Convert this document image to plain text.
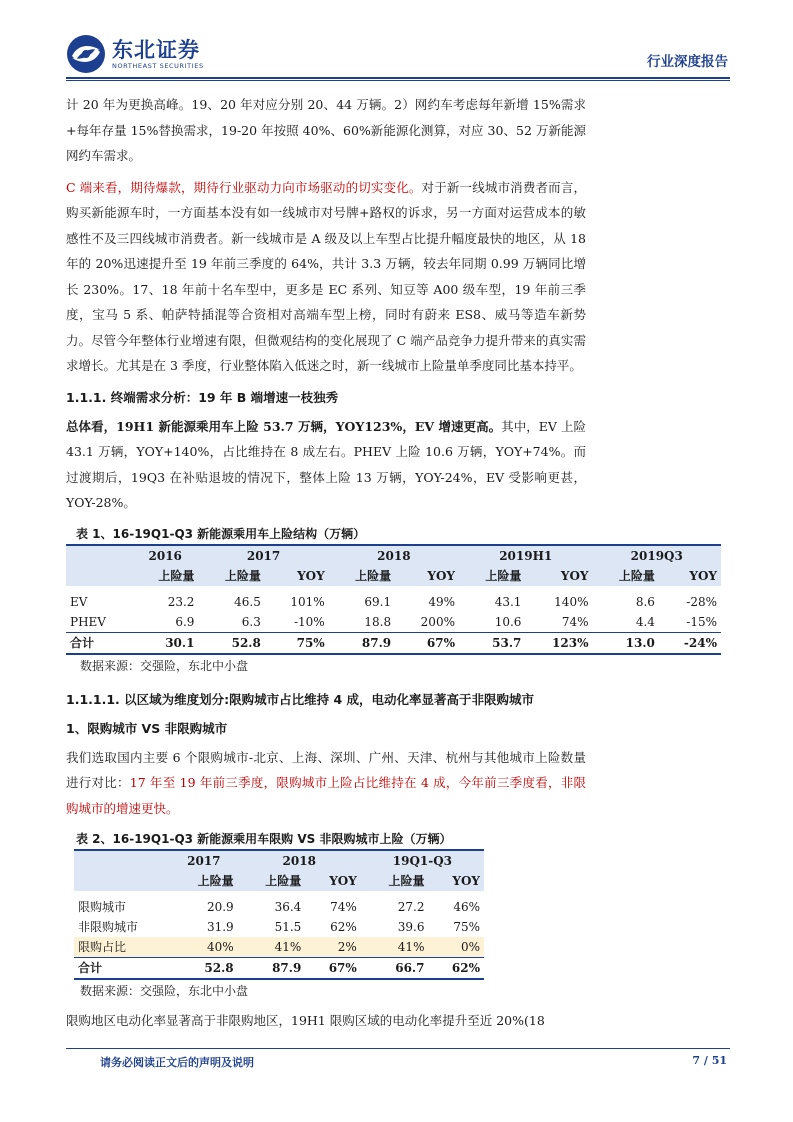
东北证券
NORTHEAST SECURITIES	行业深度报告

计 20 年为更换高峰。19、20 年对应分别 20、44 万辆。2）网约车考虑每年新增 15%需求+每年存量 15%替换需求，19-20 年按照 40%、60%新能源化测算，对应 30、52 万新能源网约车需求。

C 端来看，期待爆款，期待行业驱动力向市场驱动的切实变化。对于新一线城市消费者而言，购买新能源车时，一方面基本没有如一线城市对号牌+路权的诉求，另一方面对运营成本的敏感性不及三四线城市消费者。新一线城市是 A 级及以上车型占比提升幅度最快的地区，从 18 年的 20%迅速提升至 19 年前三季度的 64%，共计 3.3 万辆，较去年同期 0.99 万辆同比增长 230%。17、18 年前十名车型中，更多是 EC 系列、知豆等 A00 级车型，19 年前三季度，宝马 5 系、帕萨特插混等合资相对高端车型上榜，同时有蔚来 ES8、威马等造车新势力。尽管今年整体行业增速有限，但微观结构的变化展现了 C 端产品竞争力提升带来的真实需求增长。尤其是在 3 季度，行业整体陷入低迷之时，新一线城市上险量单季度同比基本持平。

1.1.1. 终端需求分析：19 年 B 端增速一枝独秀

总体看，19H1 新能源乘用车上险 53.7 万辆，YOY123%，EV 增速更高。其中，EV 上险 43.1 万辆，YOY+140%，占比维持在 8 成左右。PHEV 上险 10.6 万辆，YOY+74%。而过渡期后，19Q3 在补贴退坡的情况下，整体上险 13 万辆，YOY-24%，EV 受影响更甚，YOY-28%。

表 1、16-19Q1-Q3 新能源乘用车上险结构（万辆）
	2016	2017		2018		2019H1		2019Q3	
	上险量	上险量	YOY	上险量	YOY	上险量	YOY	上险量	YOY

EV	23.2	46.5	101%	69.1	49%	43.1	140%	8.6	-28%
PHEV	6.9	6.3	-10%	18.8	200%	10.6	74%	4.4	-15%
合计	30.1	52.8	75%	87.9	67%	53.7	123%	13.0	-24%
数据来源：交强险，东北中小盘
1.1.1.1. 以区域为维度划分:限购城市占比维持 4 成，电动化率显著高于非限购城市
1、限购城市 VS 非限购城市

我们选取国内主要 6 个限购城市-北京、上海、深圳、广州、天津、杭州与其他城市上险数量进行对比：17 年至 19 年前三季度，限购城市上险占比维持在 4 成，今年前三季度看，非限购城市的增速更快。

表 2、16-19Q1-Q3 新能源乘用车限购 VS 非限购城市上险（万辆）
	2017	2018		19Q1-Q3	
	上险量	上险量	YOY	上险量	YOY

限购城市	20.9	36.4	74%	27.2	46%
非限购城市	31.9	51.5	62%	39.6	75%
限购占比	40%	41%	2%	41%	0%
合计	52.8	87.9	67%	66.7	62%
数据来源：交强险，东北中小盘

限购地区电动化率显著高于非限购地区，19H1 限购区域的电动化率提升至近 20%(18

请务必阅读正文后的声明及说明	7 / 51
